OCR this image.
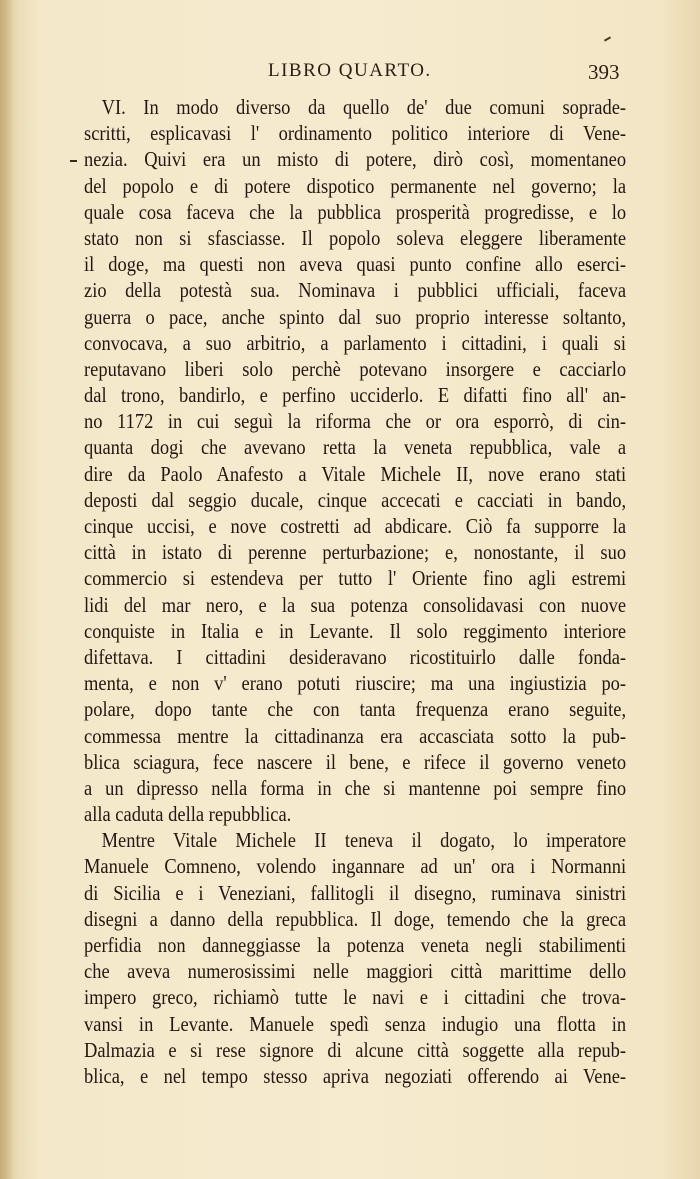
LIBRO QUARTO.	393
VI. In modo diverso da quello de' due comuni soprade-
scritti, esplicavasi l' ordinamento politico interiore di Vene-
nezia. Quivi era un misto di potere, dirò così, momentaneo
del popolo e di potere dispotico permanente nel governo; la
quale cosa faceva che la pubblica prosperità progredisse, e lo
stato non si sfasciasse. Il popolo soleva eleggere liberamente
il doge, ma questi non aveva quasi punto confine allo eserci-
zio della potestà sua. Nominava i pubblici ufficiali, faceva
guerra o pace, anche spinto dal suo proprio interesse soltanto,
convocava, a suo arbitrio, a parlamento i cittadini, i quali si
reputavano liberi solo perchè potevano insorgere e cacciarlo
dal trono, bandirlo, e perfino ucciderlo. E difatti fino all' an-
no 1172 in cui seguì la riforma che or ora esporrò, di cin-
quanta dogi che avevano retta la veneta repubblica, vale a
dire da Paolo Anafesto a Vitale Michele II, nove erano stati
deposti dal seggio ducale, cinque accecati e cacciati in bando,
cinque uccisi, e nove costretti ad abdicare. Ciò fa supporre la
città in istato di perenne perturbazione; e, nonostante, il suo
commercio si estendeva per tutto l' Oriente fino agli estremi
lidi del mar nero, e la sua potenza consolidavasi con nuove
conquiste in Italia e in Levante. Il solo reggimento interiore
difettava. I cittadini desideravano ricostituirlo dalle fonda-
menta, e non v' erano potuti riuscire; ma una ingiustizia po-
polare, dopo tante che con tanta frequenza erano seguite,
commessa mentre la cittadinanza era accasciata sotto la pub-
blica sciagura, fece nascere il bene, e rifece il governo veneto
a un dipresso nella forma in che si mantenne poi sempre fino
alla caduta della repubblica.
Mentre Vitale Michele II teneva il dogato, lo imperatore
Manuele Comneno, volendo ingannare ad un' ora i Normanni
di Sicilia e i Veneziani, fallitogli il disegno, ruminava sinistri
disegni a danno della repubblica. Il doge, temendo che la greca
perfidia non danneggiasse la potenza veneta negli stabilimenti
che aveva numerosissimi nelle maggiori città marittime dello
impero greco, richiamò tutte le navi e i cittadini che trova-
vansi in Levante. Manuele spedì senza indugio una flotta in
Dalmazia e si rese signore di alcune città soggette alla repub-
blica, e nel tempo stesso apriva negoziati offerendo ai Vene-
